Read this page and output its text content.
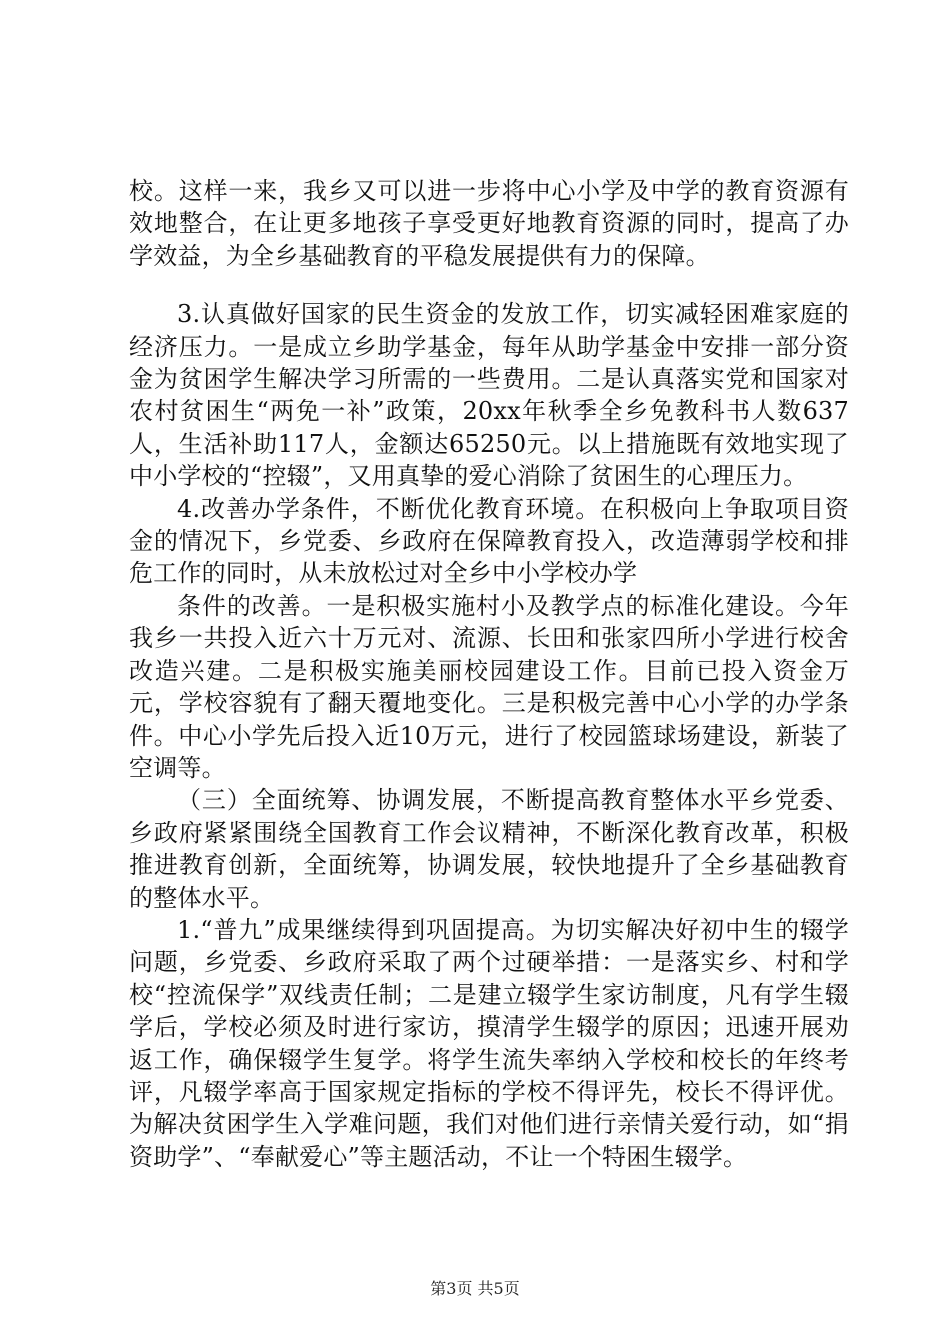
校。这样一来，我乡又可以进一步将中心小学及中学的教育资源有效地整合，在让更多地孩子享受更好地教育资源的同时，提高了办学效益，为全乡基础教育的平稳发展提供有力的保障。

3.认真做好国家的民生资金的发放工作，切实减轻困难家庭的经济压力。一是成立乡助学基金，每年从助学基金中安排一部分资金为贫困学生解决学习所需的一些费用。二是认真落实党和国家对农村贫困生“两免一补”政策，20xx年秋季全乡免教科书人数637人，生活补助117人，金额达65250元。以上措施既有效地实现了中小学校的“控辍”，又用真挚的爱心消除了贫困生的心理压力。

4.改善办学条件，不断优化教育环境。在积极向上争取项目资金的情况下，乡党委、乡政府在保障教育投入，改造薄弱学校和排危工作的同时，从未放松过对全乡中小学校办学

条件的改善。一是积极实施村小及教学点的标准化建设。今年我乡一共投入近六十万元对、流源、长田和张家四所小学进行校舍改造兴建。二是积极实施美丽校园建设工作。目前已投入资金万元，学校容貌有了翻天覆地变化。三是积极完善中心小学的办学条件。中心小学先后投入近10万元，进行了校园篮球场建设，新装了空调等。

（三）全面统筹、协调发展，不断提高教育整体水平乡党委、乡政府紧紧围绕全国教育工作会议精神，不断深化教育改革，积极推进教育创新，全面统筹，协调发展，较快地提升了全乡基础教育的整体水平。

1.“普九”成果继续得到巩固提高。为切实解决好初中生的辍学问题，乡党委、乡政府采取了两个过硬举措：一是落实乡、村和学校“控流保学”双线责任制；二是建立辍学生家访制度，凡有学生辍学后，学校必须及时进行家访，摸清学生辍学的原因；迅速开展劝返工作，确保辍学生复学。将学生流失率纳入学校和校长的年终考评，凡辍学率高于国家规定指标的学校不得评先，校长不得评优。为解决贫困学生入学难问题，我们对他们进行亲情关爱行动，如“捐资助学”、“奉献爱心”等主题活动，不让一个特困生辍学。

第3页 共5页
